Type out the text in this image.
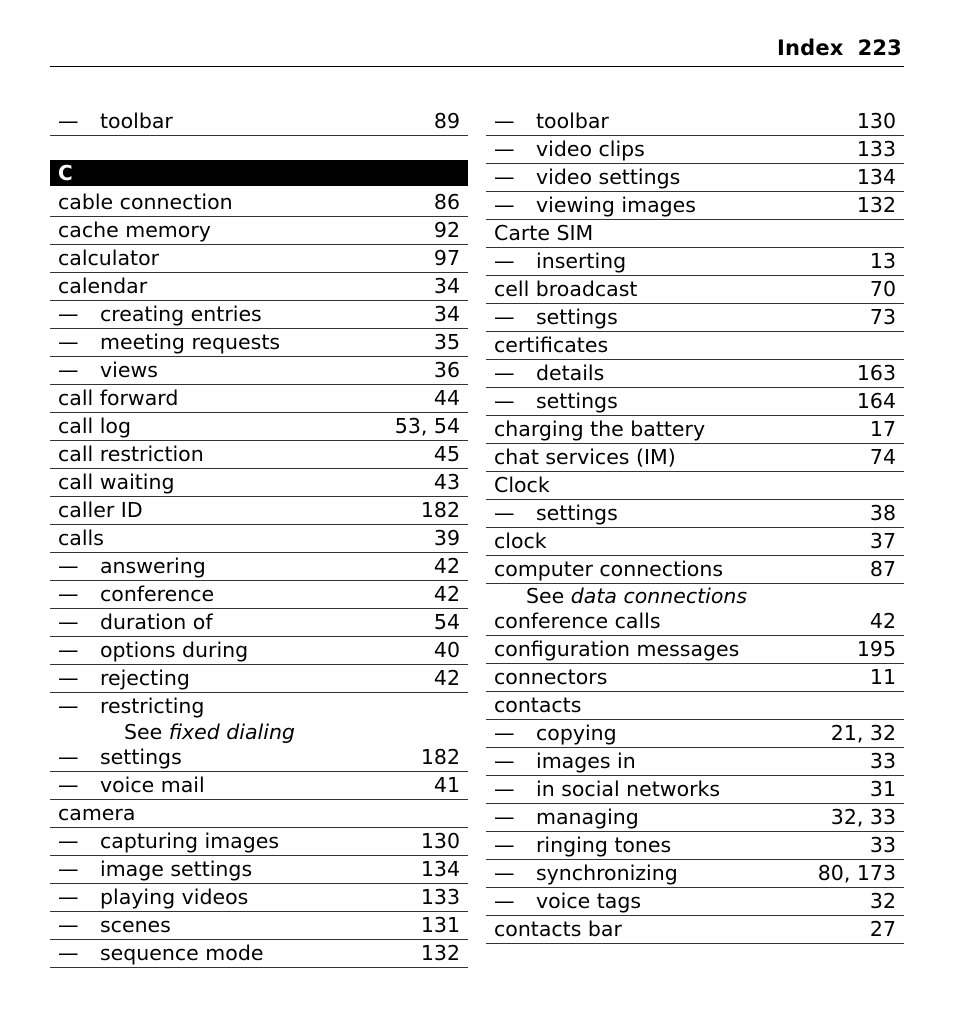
Index 223
— toolbar	89
C
cable connection	86
cache memory	92
calculator	97
calendar	34
— creating entries	34
— meeting requests	35
— views	36
call forward	44
call log	53, 54
call restriction	45
call waiting	43
caller ID	182
calls	39
— answering	42
— conference	42
— duration of	54
— options during	40
— rejecting	42
— restricting
See fixed dialing
— settings	182
— voice mail	41
camera
— capturing images	130
— image settings	134
— playing videos	133
— scenes	131
— sequence mode	132
— toolbar	130
— video clips	133
— video settings	134
— viewing images	132
Carte SIM
— inserting	13
cell broadcast	70
— settings	73
certificates
— details	163
— settings	164
charging the battery	17
chat services (IM)	74
Clock
— settings	38
clock	37
computer connections	87
See data connections
conference calls	42
configuration messages	195
connectors	11
contacts
— copying	21, 32
— images in	33
— in social networks	31
— managing	32, 33
— ringing tones	33
— synchronizing	80, 173
— voice tags	32
contacts bar	27
